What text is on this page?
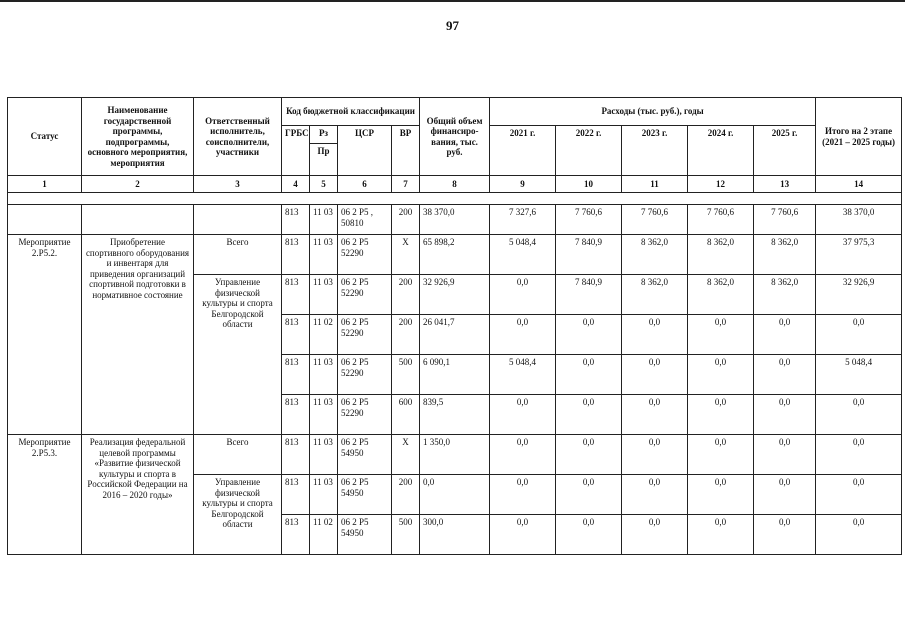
97
Статус	Наименование государственной программы, подпрограммы, основного мероприятия, мероприятия	Ответственный исполнитель, соисполнители, участники	Код бюджетной классификации				Общий объем финансиро-вания, тыс. руб.	Расходы (тыс. руб.), годы					Итого на 2 этапе (2021 – 2025 годы)
			ГРБС	Рз	ЦСР	ВР		2021 г.	2022 г.	2023 г.	2024 г.	2025 г.	
				Пр									
1	2	3	4	5	6	7	8	9	10	11	12	13	14

			813	11 03	06 2 P5 , 50810	200	38 370,0	7 327,6	7 760,6	7 760,6	7 760,6	7 760,6	38 370,0
Мероприятие 2.P5.2.	Приобретение спортивного оборудования и инвентаря для приведения организаций спортивной подготовки в нормативное состояние	Всего	813	11 03	06 2 P5 52290	X	65 898,2	5 048,4	7 840,9	8 362,0	8 362,0	8 362,0	37 975,3
		Управление физической культуры и спорта Белгородской области	813	11 03	06 2 P5 52290	200	32 926,9	0,0	7 840,9	8 362,0	8 362,0	8 362,0	32 926,9
			813	11 02	06 2 P5 52290	200	26 041,7	0,0	0,0	0,0	0,0	0,0	0,0
			813	11 03	06 2 P5 52290	500	6 090,1	5 048,4	0,0	0,0	0,0	0,0	5 048,4
			813	11 03	06 2 P5 52290	600	839,5	0,0	0,0	0,0	0,0	0,0	0,0
Мероприятие 2.P5.3.	Реализация федеральной целевой программы «Развитие физической культуры и спорта в Российской Федерации на 2016 – 2020 годы»	Всего	813	11 03	06 2 P5 54950	X	1 350,0	0,0	0,0	0,0	0,0	0,0	0,0
		Управление физической культуры и спорта Белгородской области	813	11 03	06 2 P5 54950	200	0,0	0,0	0,0	0,0	0,0	0,0	0,0
			813	11 02	06 2 P5 54950	500	300,0	0,0	0,0	0,0	0,0	0,0	0,0
